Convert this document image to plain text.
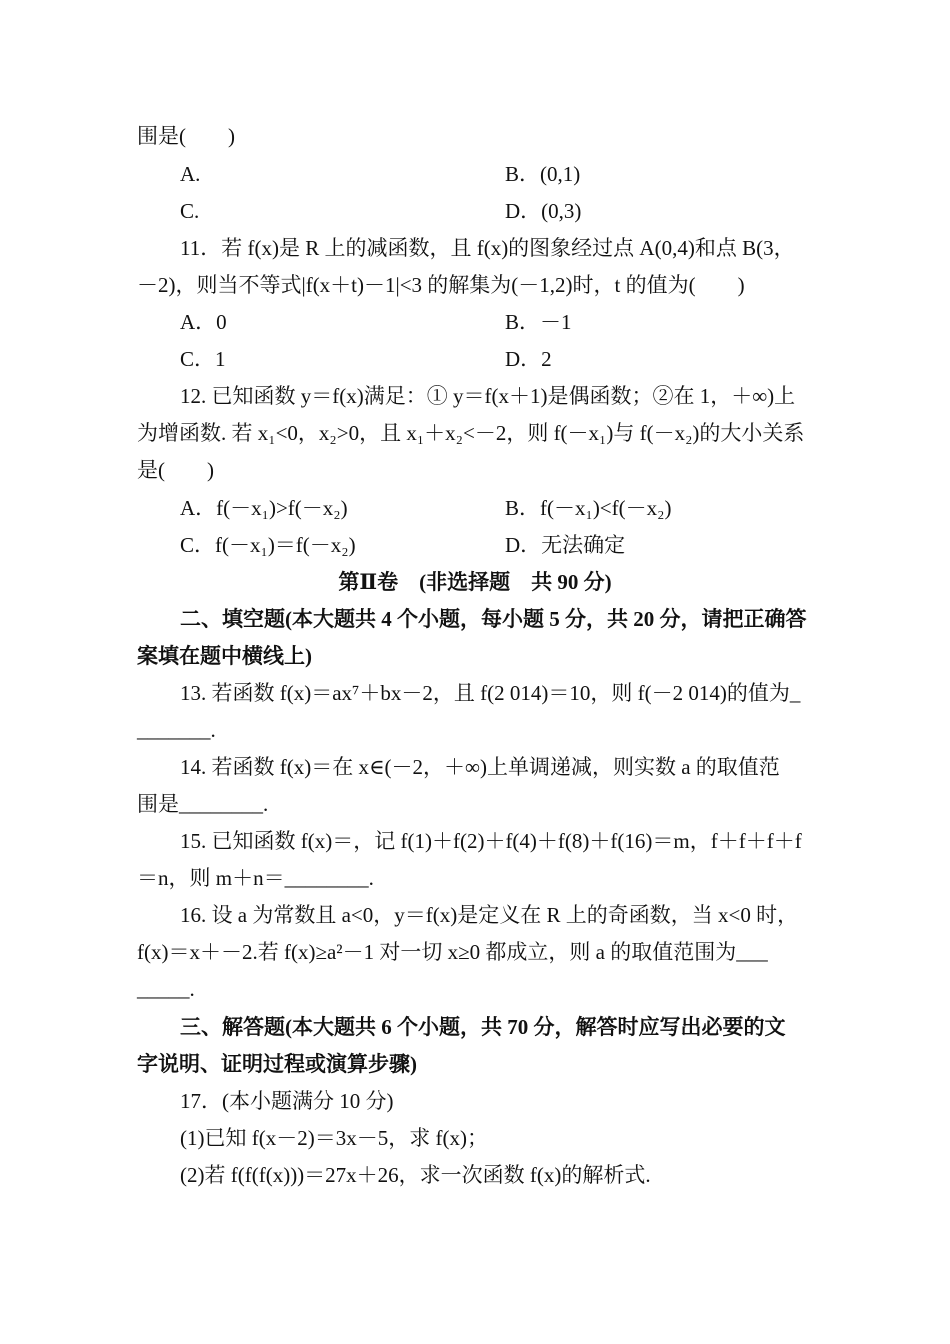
围是(　　)
A.	B．(0,1)
C.	D．(0,3)
11．若 f(x)是 R 上的减函数，且 f(x)的图象经过点 A(0,4)和点 B(3，
－2)，则当不等式|f(x＋t)－1|<3 的解集为(－1,2)时，t 的值为(　　)
A．0	B．－1
C．1	D．2
12. 已知函数 y＝f(x)满足：① y＝f(x＋1)是偶函数；②在 1，＋∞)上
为增函数. 若 x₁<0，x₂>0，且 x₁＋x₂<－2，则 f(－x₁)与 f(－x₂)的大小关系
是(　　)
A．f(－x₁)>f(－x₂)	B．f(－x₁)<f(－x₂)
C．f(－x₁)＝f(－x₂)	D．无法确定
第Ⅱ卷　(非选择题　共 90 分)
二、填空题(本大题共 4 个小题，每小题 5 分，共 20 分，请把正确答
案填在题中横线上)
13. 若函数 f(x)＝ax⁷＋bx－2，且 f(2 014)＝10，则 f(－2 014)的值为_
_______.
14. 若函数 f(x)＝在 x∈(－2，＋∞)上单调递减，则实数 a 的取值范
围是________.
15. 已知函数 f(x)＝，记 f(1)＋f(2)＋f(4)＋f(8)＋f(16)＝m，f＋f＋f＋f
＝n，则 m＋n＝________.
16. 设 a 为常数且 a<0，y＝f(x)是定义在 R 上的奇函数，当 x<0 时，
f(x)＝x＋－2.若 f(x)≥a²－1 对一切 x≥0 都成立，则 a 的取值范围为___
_____.
三、解答题(本大题共 6 个小题，共 70 分，解答时应写出必要的文
字说明、证明过程或演算步骤)
17．(本小题满分 10 分)
(1)已知 f(x－2)＝3x－5，求 f(x)；
(2)若 f(f(f(x)))＝27x＋26，求一次函数 f(x)的解析式.
